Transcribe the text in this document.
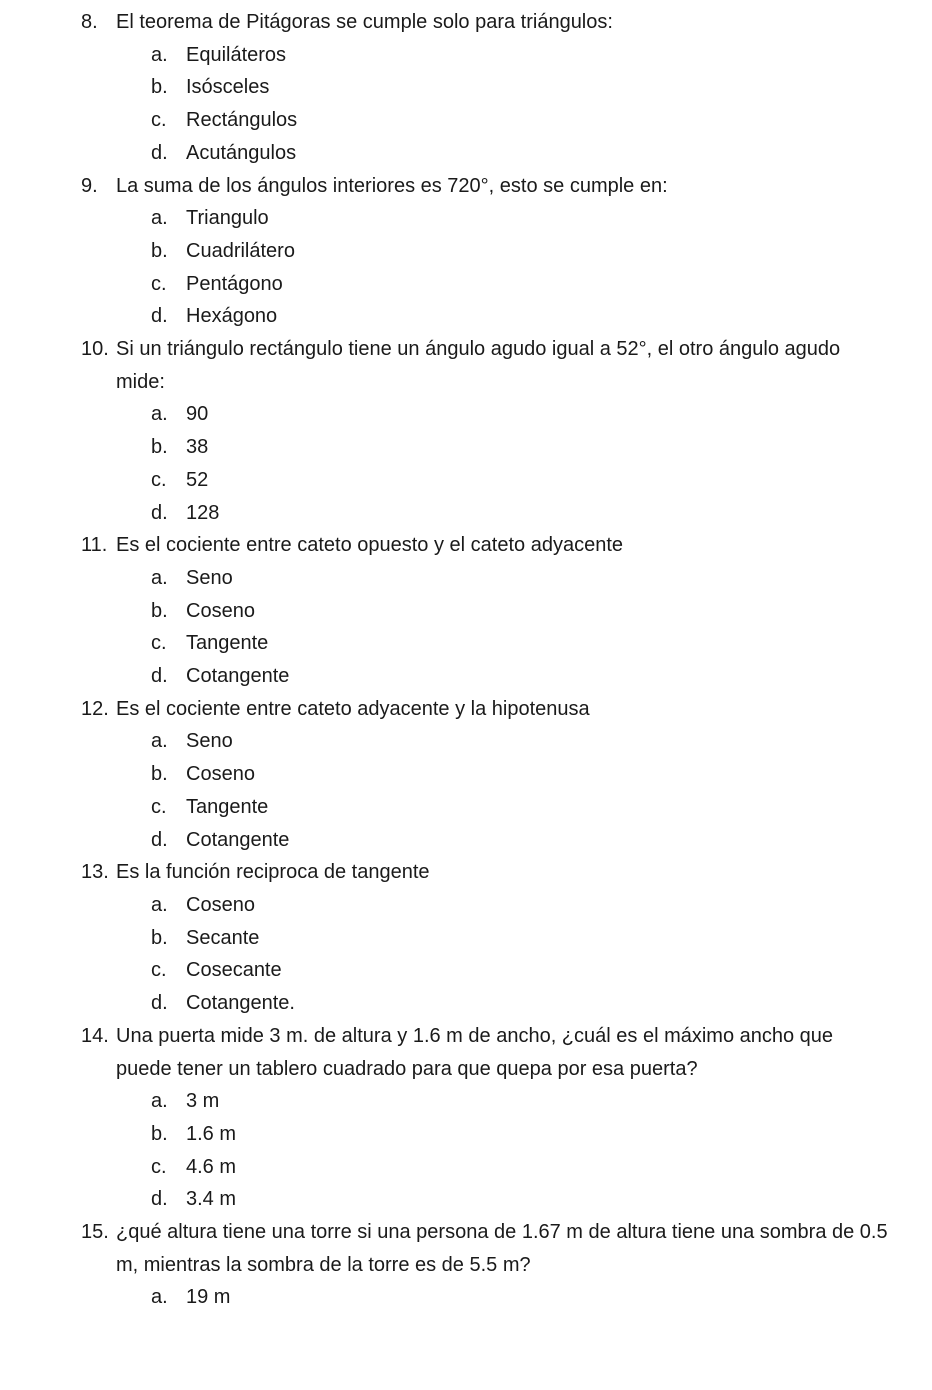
8. El teorema de Pitágoras se cumple solo para triángulos:
a. Equiláteros
b. Isósceles
c. Rectángulos
d. Acutángulos
9. La suma de los ángulos interiores es 720°, esto se cumple en:
a. Triangulo
b. Cuadrilátero
c. Pentágono
d. Hexágono
10. Si un triángulo rectángulo tiene un ángulo agudo igual a 52°, el otro ángulo agudo mide:
a. 90
b. 38
c. 52
d. 128
11. Es el cociente entre cateto opuesto y el cateto adyacente
a. Seno
b. Coseno
c. Tangente
d. Cotangente
12. Es el cociente entre cateto adyacente y la hipotenusa
a. Seno
b. Coseno
c. Tangente
d. Cotangente
13. Es la función reciproca de tangente
a. Coseno
b. Secante
c. Cosecante
d. Cotangente.
14. Una puerta mide 3 m. de altura y 1.6 m de ancho, ¿cuál es el máximo ancho que puede tener un tablero cuadrado para que quepa por esa puerta?
a. 3 m
b. 1.6 m
c. 4.6 m
d. 3.4 m
15. ¿qué altura tiene una torre si una persona de 1.67 m de altura tiene una sombra de 0.5 m, mientras la sombra de la torre es de 5.5 m?
a. 19 m
